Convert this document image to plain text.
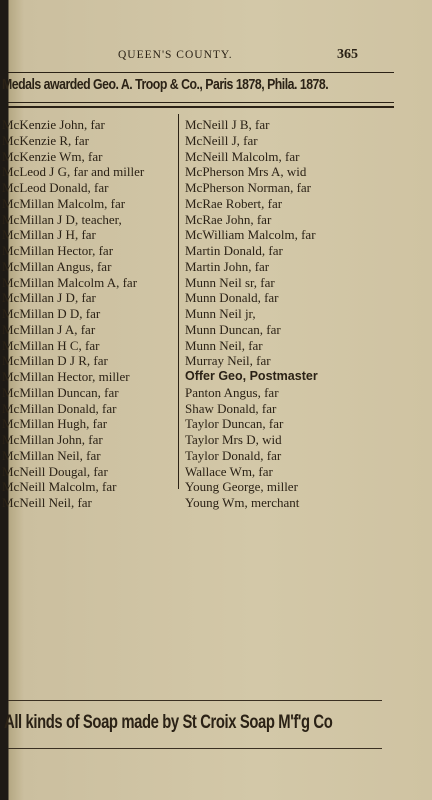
QUEEN'S COUNTY.	365
Medals awarded Geo. A. Troop & Co., Paris 1878, Phila. 1878.
McKenzie John, far
McKenzie R, far
McKenzie Wm, far
McLeod J G, far and miller
McLeod Donald, far
McMillan Malcolm, far
McMillan J D, teacher,
McMillan J H, far
McMillan Hector, far
McMillan Angus, far
McMillan Malcolm A, far
McMillan J D, far
McMillan D D, far
McMillan J A, far
McMillan H C, far
McMillan D J R, far
McMillan Hector, miller
McMillan Duncan, far
McMillan Donald, far
McMillan Hugh, far
McMillan John, far
McMillan Neil, far
McNeill Dougal, far
McNeill Malcolm, far
McNeill Neil, far
McNeill J B, far
McNeill J, far
McNeill Malcolm, far
McPherson Mrs A, wid
McPherson Norman, far
McRae Robert, far
McRae John, far
McWilliam Malcolm, far
Martin Donald, far
Martin John, far
Munn Neil sr, far
Munn Donald, far
Munn Neil jr,
Munn Duncan, far
Munn Neil, far
Murray Neil, far
Offer Geo, Postmaster
Panton Angus, far
Shaw Donald, far
Taylor Duncan, far
Taylor Mrs D, wid
Taylor Donald, far
Wallace Wm, far
Young George, miller
Young Wm, merchant
All kinds of Soap made by St Croix Soap M'f'g Co
